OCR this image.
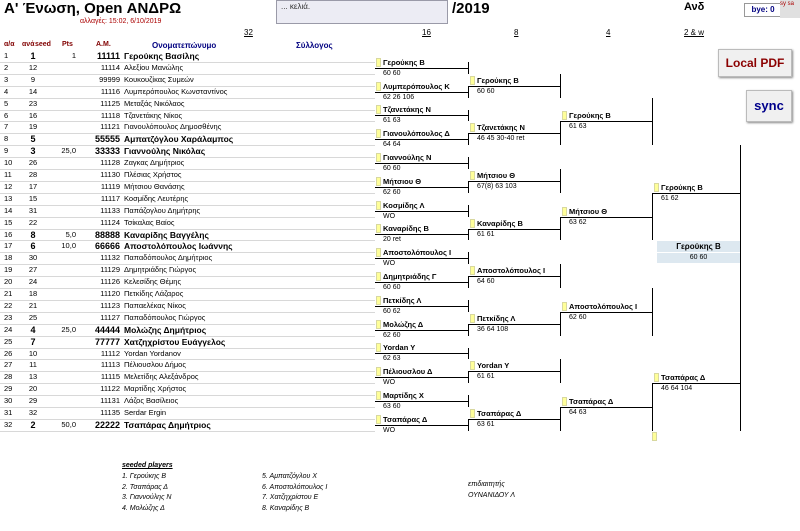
Α' Ένωση, Open ΑΝΔΡΩ	/2019
... κελιά.
αλλαγές: 15:02, 6/10/2019
Ανδ	bye: 0
sy sa
32	16	8	4	2 & w
α/α ανά seed Pts	Α.Μ.	Ονοματεπώνυμο	Σύλλογος
1	1	1	11111 Γερούκης Βασίλης
2	12	11114 Αλεξίου Μανώλης
3	9	99999 Κουκουζίκας Συμεών
4	14	11116 Λυμπερόπουλος Κωνσταντίνος
5	23	11125 Μεταξάς Νικόλαος
6	16	11118 Τζανετάκης Νίκος
7	19	11121 Γιανουλόπουλος Δημοσθένης
8	5	55555 Αμπατζόγλου Χαράλαμπος
9	3	25,0	33333 Γιαννούλης Νικόλας
10	26	11128 Ζαγκας Δημήτριος
11	28	11130 Πλέσιας Χρήστος
12	17	11119 Μήτσιου Θανάσης
13	15	11117 Κοσμίδης Λευτέρης
14	31	11133 Παπάζογλου Δημήτρης
15	22	11124 Τσίκαλας Βαίος
16	8	5,0	88888 Καναρίδης Βαγγέλης
17	6	10,0	66666 Αποστολόπουλος Ιωάννης
18	30	11132 Παπαδόπουλος Δημήτριος
19	27	11129 Δημητριάδης Γιώργος
20	24	11126 Κελεσίδης Θέμης
21	18	11120 Πετκίδης Λάζαρος
22	21	11123 Παπαελέκας Νίκος
23	25	11127 Παπαδόπουλος Γιώργος
24	4	25,0	44444 Μολώζης Δημήτριος
25	7	77777 Χατζηχρίστου Ευάγγελος
26	10	11112 Yordan Yordanov
27	11	11113 Πέλιουσλου Δήμος
28	13	11115 Μελετίδης Αλεξάνδρος
29	20	11122 Μαρτίδης Χρήστος
30	29	11131 Λάζος Βασίλειος
31	32	11135 Serdar Ergin
32	2	50,0	22222 Τσαπάρας Δημήτριος
Γερούκης Β
60 60
Λυμπερόπουλος Κ
62 26 106
Τζανετάκης Ν
61 63
Γιανουλόπουλος Δ
64 64
Γιαννούλης Ν
60 60
Μήτσιου Θ
62 60
Κοσμίδης Λ
WO
Καναρίδης Β
20 ret
Αποστολόπουλος Ι
WO
Δημητριάδης Γ
60 60
Πετκίδης Λ
60 62
Μολώζης Δ
62 60
Yordan Y
62 63
Πέλιουσλου Δ
WO
Μαρτίδης Χ
63 60
Τσαπάρας Δ
WO
Γερούκης Β
60 60
Τζανετάκης Ν
46 45 30-40 ret
Μήτσιου Θ
67(8) 63 103
Καναρίδης Β
61 61
Αποστολόπουλος Ι
64 60
Πετκίδης Λ
36 64 108
Yordan Y
61 61
Τσαπάρας Δ
63 61
Γερούκης Β
61 63
Μήτσιου Θ
63 62
Αποστολόπουλος Ι
62 60
Τσαπάρας Δ
64 63
Γερούκης Β
61 62
Τσαπάρας Δ
46 64 104
Γερούκης Β
60 60
Local PDF
sync
seeded players
1. Γερούκης Β
2. Τσαπάρας Δ
3. Γιαννούλης Ν
4. Μολώζης Δ
5. Αμπατζόγλου Χ
6. Αποστολόπουλος Ι
7. Χατζηχρίστου Ε
8. Καναρίδης Β
επιδιαιτητής
ΟΥΝΑΝΙΔΟΥ Λ
